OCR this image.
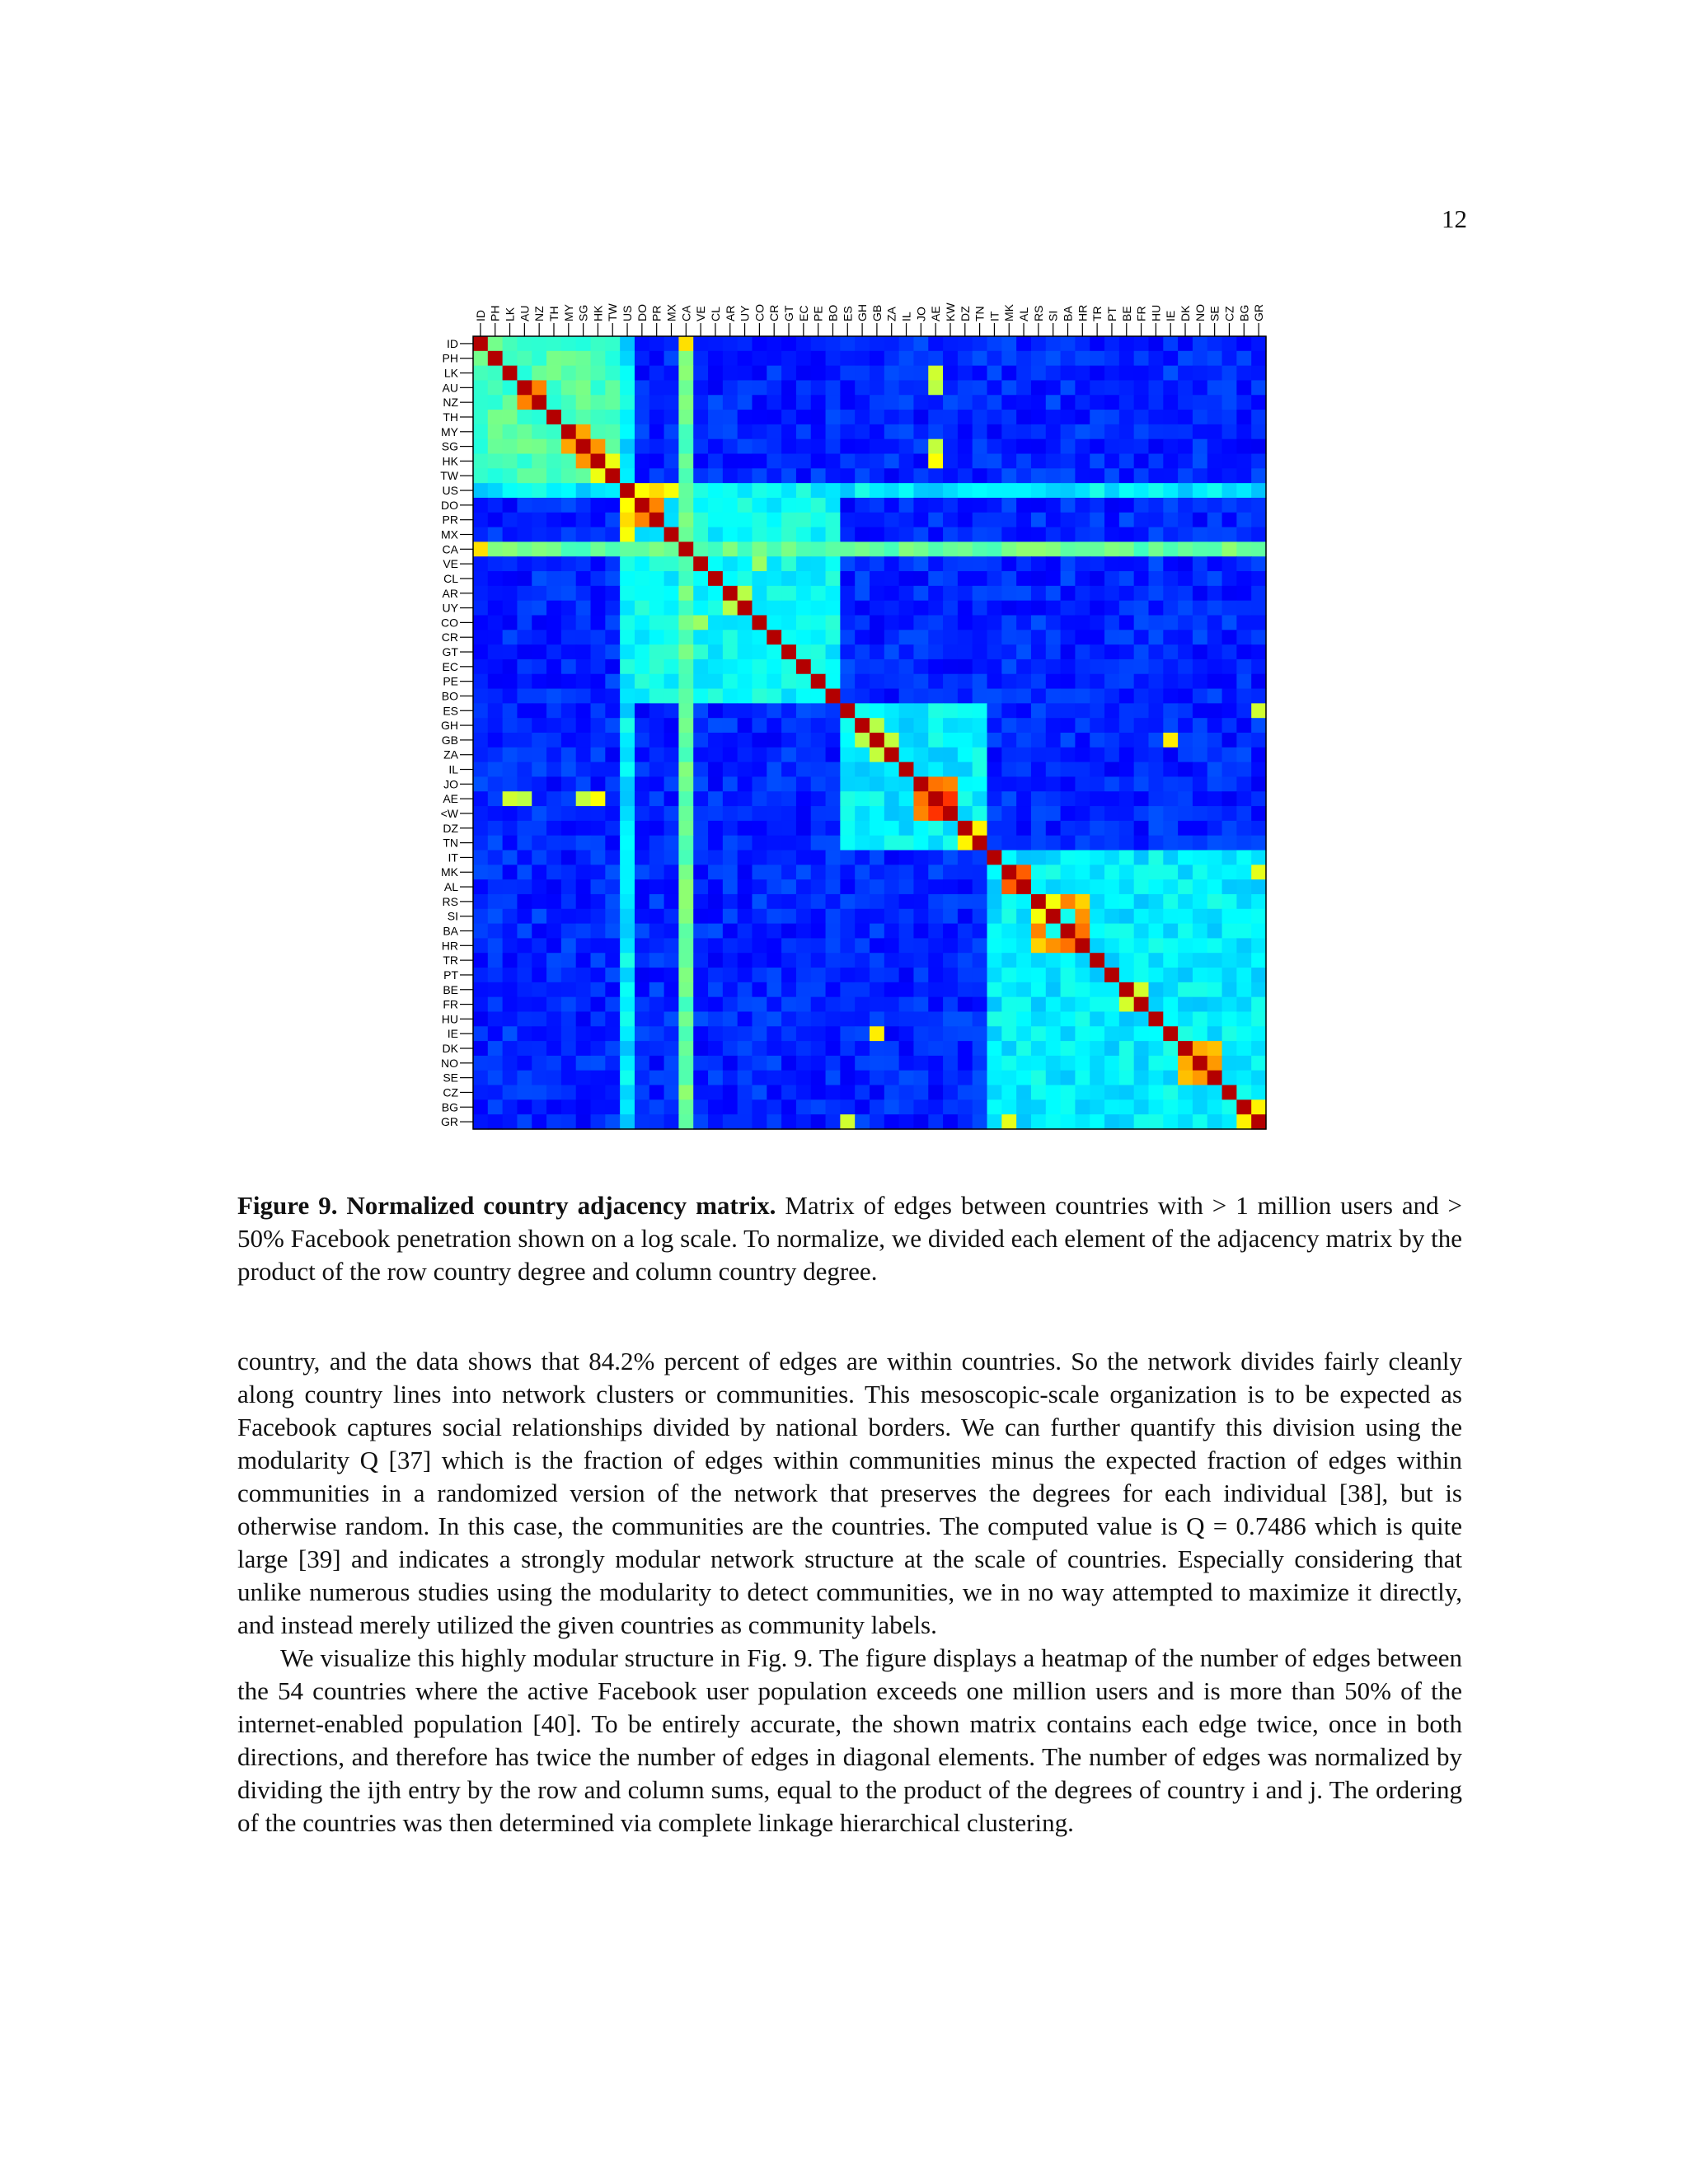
12
ID
PH
LK
AU
NZ
TH
MY
SG
HK
TW
US
DO
PR
MX
CA
VE
CL
AR
UY
CO
CR
GT
EC
PE
BO
ES
GH
GB
ZA
IL
JO
AE
<W
DZ
TN
IT
MK
AL
RS
SI
BA
HR
TR
PT
BE
FR
HU
IE
DK
NO
SE
CZ
BG
GR
ID PH LK AU NZ TH MY SG HK TW US DO PR MX CA VE CL AR UY CO CR GT EC PE BO ES GH GB ZA IL JO AE KW DZ TN IT MK AL RS SI BA HR TR PT BE FR HU IE DK NO SE CZ BG GR
Figure 9. Normalized country adjacency matrix. Matrix of edges between countries with > 1 million users and > 50% Facebook penetration shown on a log scale. To normalize, we divided each element of the adjacency matrix by the product of the row country degree and column country degree.

country, and the data shows that 84.2% percent of edges are within countries. So the network divides fairly cleanly along country lines into network clusters or communities. This mesoscopic-scale organization is to be expected as Facebook captures social relationships divided by national borders. We can further quantify this division using the modularity Q [37] which is the fraction of edges within communities minus the expected fraction of edges within communities in a randomized version of the network that preserves the degrees for each individual [38], but is otherwise random. In this case, the communities are the countries. The computed value is Q = 0.7486 which is quite large [39] and indicates a strongly modular network structure at the scale of countries. Especially considering that unlike numerous studies using the modularity to detect communities, we in no way attempted to maximize it directly, and instead merely utilized the given countries as community labels.

We visualize this highly modular structure in Fig. 9. The figure displays a heatmap of the number of edges between the 54 countries where the active Facebook user population exceeds one million users and is more than 50% of the internet-enabled population [40]. To be entirely accurate, the shown matrix contains each edge twice, once in both directions, and therefore has twice the number of edges in diagonal elements. The number of edges was normalized by dividing the ijth entry by the row and column sums, equal to the product of the degrees of country i and j. The ordering of the countries was then determined via complete linkage hierarchical clustering.
